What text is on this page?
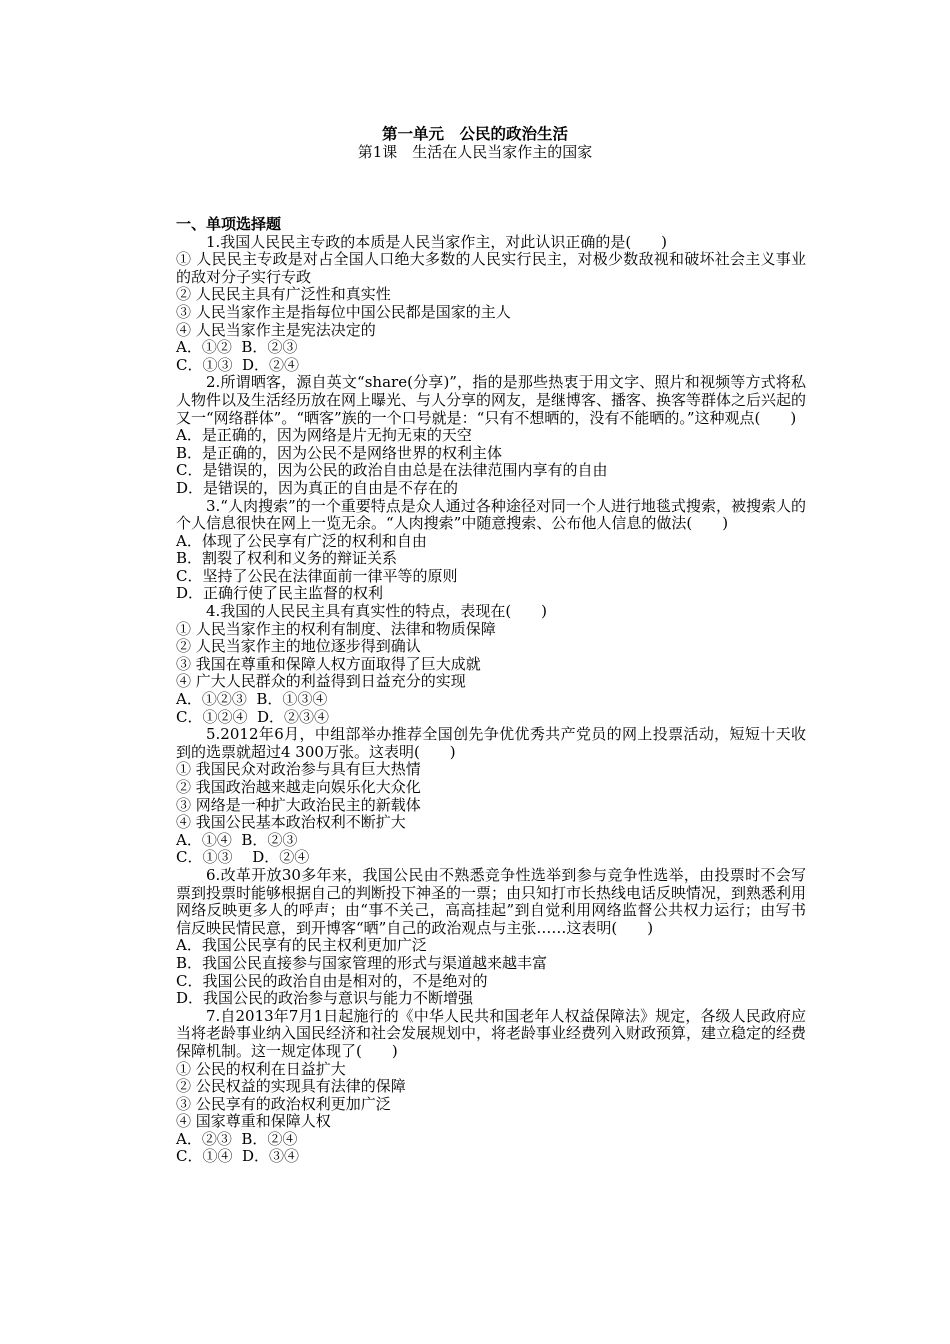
第一单元　公民的政治生活
第1课　生活在人民当家作主的国家
一、单项选择题
1.我国人民民主专政的本质是人民当家作主，对此认识正确的是(　　)
① 人民民主专政是对占全国人口绝大多数的人民实行民主，对极少数敌视和破坏社会主义事业的敌对分子实行专政
② 人民民主具有广泛性和真实性
③ 人民当家作主是指每位中国公民都是国家的主人
④ 人民当家作主是宪法决定的
A．①②  B．②③
C．①③  D．②④
2.所谓晒客，源自英文“share(分享)”，指的是那些热衷于用文字、照片和视频等方式将私人物件以及生活经历放在网上曝光、与人分享的网友，是继博客、播客、换客等群体之后兴起的又一“网络群体”。“晒客”族的一个口号就是：“只有不想晒的，没有不能晒的。”这种观点(　　)
A．是正确的，因为网络是片无拘无束的天空
B．是正确的，因为公民不是网络世界的权利主体
C．是错误的，因为公民的政治自由总是在法律范围内享有的自由
D．是错误的，因为真正的自由是不存在的
3.“人肉搜索”的一个重要特点是众人通过各种途径对同一个人进行地毯式搜索，被搜索人的个人信息很快在网上一览无余。“人肉搜索”中随意搜索、公布他人信息的做法(　　)
A．体现了公民享有广泛的权利和自由
B．割裂了权利和义务的辩证关系
C．坚持了公民在法律面前一律平等的原则
D．正确行使了民主监督的权利
4.我国的人民民主具有真实性的特点，表现在(　　)
① 人民当家作主的权利有制度、法律和物质保障
② 人民当家作主的地位逐步得到确认
③ 我国在尊重和保障人权方面取得了巨大成就
④ 广大人民群众的利益得到日益充分的实现
A．①②③  B．①③④
C．①②④  D．②③④
5.2012年6月，中组部举办推荐全国创先争优优秀共产党员的网上投票活动，短短十天收到的选票就超过4 300万张。这表明(　　)
① 我国民众对政治参与具有巨大热情
② 我国政治越来越走向娱乐化大众化
③ 网络是一种扩大政治民主的新载体
④ 我国公民基本政治权利不断扩大
A．①④  B．②③
C．①③　 D．②④
6.改革开放30多年来，我国公民由不熟悉竞争性选举到参与竞争性选举，由投票时不会写票到投票时能够根据自己的判断投下神圣的一票；由只知打市长热线电话反映情况，到熟悉利用网络反映更多人的呼声；由“事不关己，高高挂起”到自觉利用网络监督公共权力运行；由写书信反映民情民意，到开博客“晒”自己的政治观点与主张……这表明(　　)
A．我国公民享有的民主权利更加广泛
B．我国公民直接参与国家管理的形式与渠道越来越丰富
C．我国公民的政治自由是相对的，不是绝对的
D．我国公民的政治参与意识与能力不断增强
7.自2013年7月1日起施行的《中华人民共和国老年人权益保障法》规定，各级人民政府应当将老龄事业纳入国民经济和社会发展规划中，将老龄事业经费列入财政预算，建立稳定的经费保障机制。这一规定体现了(　　)
① 公民的权利在日益扩大
② 公民权益的实现具有法律的保障
③ 公民享有的政治权利更加广泛
④ 国家尊重和保障人权
A．②③  B．②④
C．①④  D．③④
